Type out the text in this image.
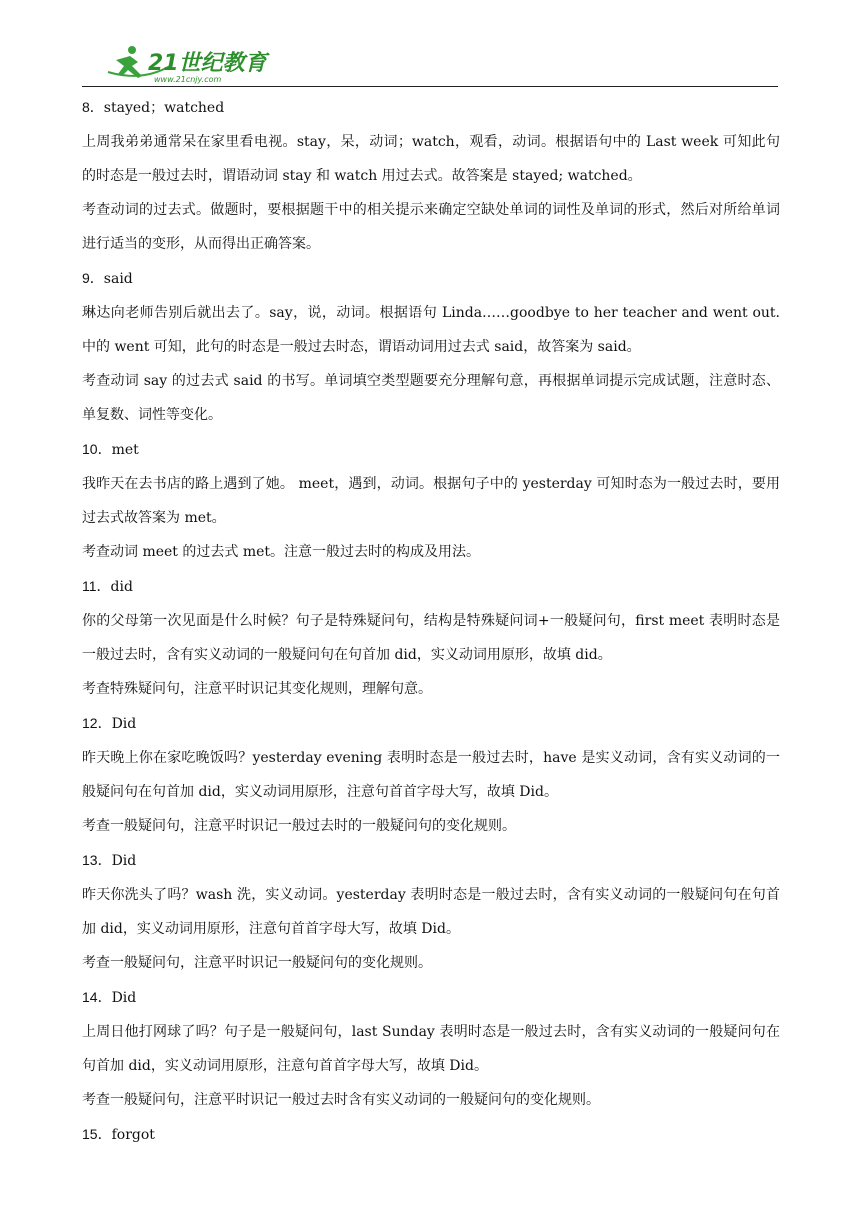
21世纪教育
www.21cnjy.com

8．stayed；watched

上周我弟弟通常呆在家里看电视。stay，呆，动词；watch，观看，动词。根据语句中的 Last week 可知此句的时态是一般过去时，谓语动词 stay 和 watch 用过去式。故答案是 stayed; watched。

考查动词的过去式。做题时，要根据题干中的相关提示来确定空缺处单词的词性及单词的形式，然后对所给单词进行适当的变形，从而得出正确答案。

9．said

琳达向老师告别后就出去了。say，说，动词。根据语句 Linda……goodbye to her teacher and went out. 中的 went 可知，此句的时态是一般过去时态，谓语动词用过去式 said，故答案为 said。

考查动词 say 的过去式 said 的书写。单词填空类型题要充分理解句意，再根据单词提示完成试题，注意时态、单复数、词性等变化。

10．met

我昨天在去书店的路上遇到了她。 meet，遇到，动词。根据句子中的 yesterday 可知时态为一般过去时，要用过去式故答案为 met。

考查动词 meet 的过去式 met。注意一般过去时的构成及用法。

11．did

你的父母第一次见面是什么时候？句子是特殊疑问句，结构是特殊疑问词+一般疑问句，first meet 表明时态是一般过去时，含有实义动词的一般疑问句在句首加 did，实义动词用原形，故填 did。

考查特殊疑问句，注意平时识记其变化规则，理解句意。

12．Did

昨天晚上你在家吃晚饭吗？yesterday evening 表明时态是一般过去时，have 是实义动词，含有实义动词的一般疑问句在句首加 did，实义动词用原形，注意句首首字母大写，故填 Did。

考查一般疑问句，注意平时识记一般过去时的一般疑问句的变化规则。

13．Did

昨天你洗头了吗？wash 洗，实义动词。yesterday 表明时态是一般过去时，含有实义动词的一般疑问句在句首加 did，实义动词用原形，注意句首首字母大写，故填 Did。

考查一般疑问句，注意平时识记一般疑问句的变化规则。

14．Did

上周日他打网球了吗？句子是一般疑问句，last Sunday 表明时态是一般过去时，含有实义动词的一般疑问句在句首加 did，实义动词用原形，注意句首首字母大写，故填 Did。

考查一般疑问句，注意平时识记一般过去时含有实义动词的一般疑问句的变化规则。

15．forgot
